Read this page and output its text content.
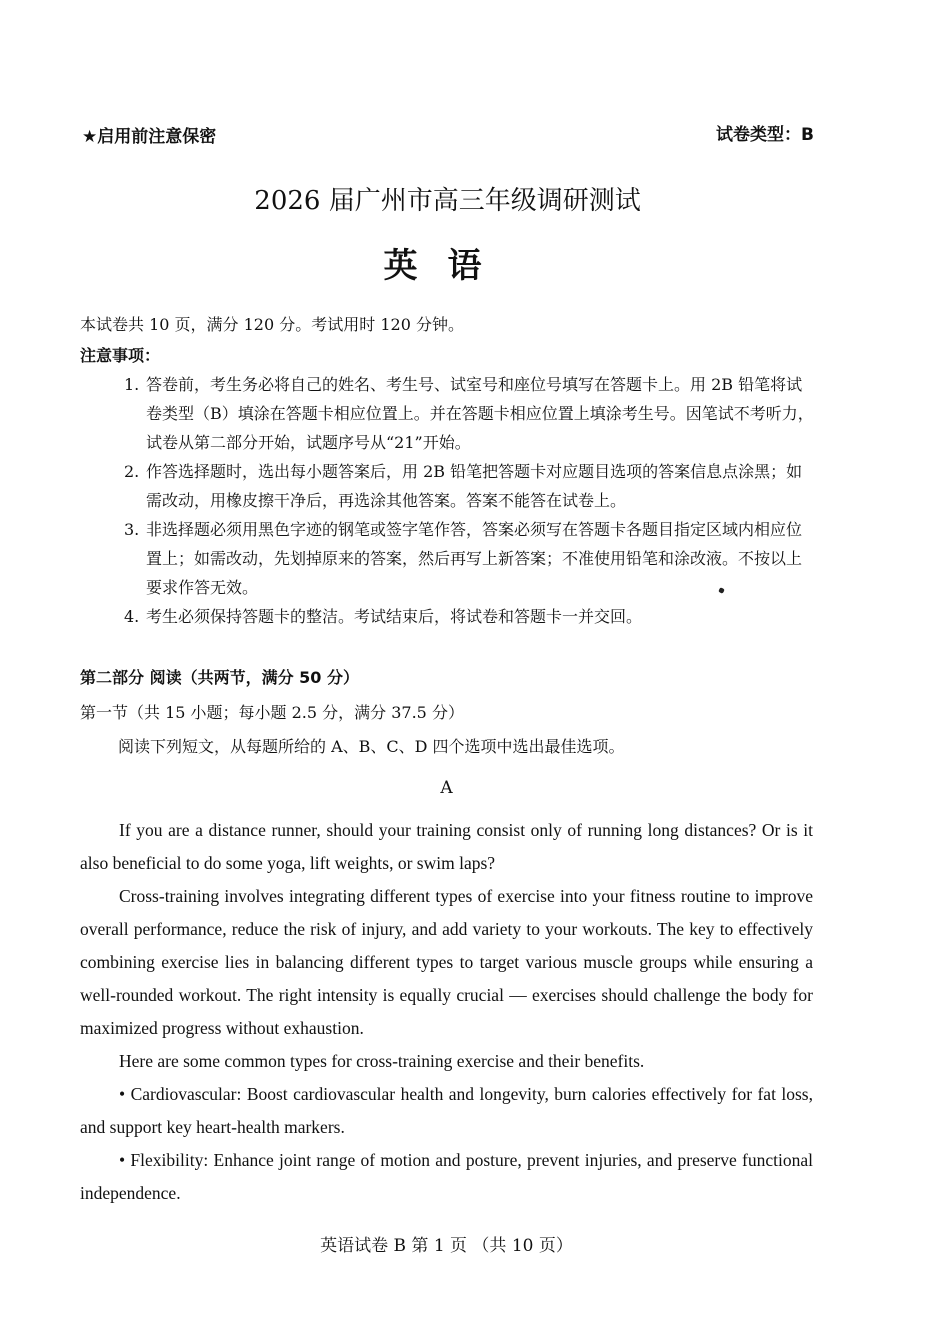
★启用前注意保密	试卷类型：B
2026 届广州市高三年级调研测试
英语
本试卷共 10 页，满分 120 分。考试用时 120 分钟。
注意事项：
1. 答卷前，考生务必将自己的姓名、考生号、试室号和座位号填写在答题卡上。用 2B 铅笔将试卷类型（B）填涂在答题卡相应位置上。并在答题卡相应位置上填涂考生号。因笔试不考听力，试卷从第二部分开始，试题序号从“21”开始。
2. 作答选择题时，选出每小题答案后，用 2B 铅笔把答题卡对应题目选项的答案信息点涂黑；如需改动，用橡皮擦干净后，再选涂其他答案。答案不能答在试卷上。
3. 非选择题必须用黑色字迹的钢笔或签字笔作答，答案必须写在答题卡各题目指定区域内相应位置上；如需改动，先划掉原来的答案，然后再写上新答案；不准使用铅笔和涂改液。不按以上要求作答无效。
4. 考生必须保持答题卡的整洁。考试结束后，将试卷和答题卡一并交回。
第二部分 阅读（共两节，满分 50 分）
第一节（共 15 小题；每小题 2.5 分，满分 37.5 分）
阅读下列短文，从每题所给的 A、B、C、D 四个选项中选出最佳选项。
A

If you are a distance runner, should your training consist only of running long distances? Or is it also beneficial to do some yoga, lift weights, or swim laps?

Cross-training involves integrating different types of exercise into your fitness routine to improve overall performance, reduce the risk of injury, and add variety to your workouts. The key to effectively combining exercise lies in balancing different types to target various muscle groups while ensuring a well-rounded workout. The right intensity is equally crucial — exercises should challenge the body for maximized progress without exhaustion.

Here are some common types for cross-training exercise and their benefits.

• Cardiovascular: Boost cardiovascular health and longevity, burn calories effectively for fat loss, and support key heart-health markers.

• Flexibility: Enhance joint range of motion and posture, prevent injuries, and preserve functional independence.

英语试卷 B 第 1 页 （共 10 页）
